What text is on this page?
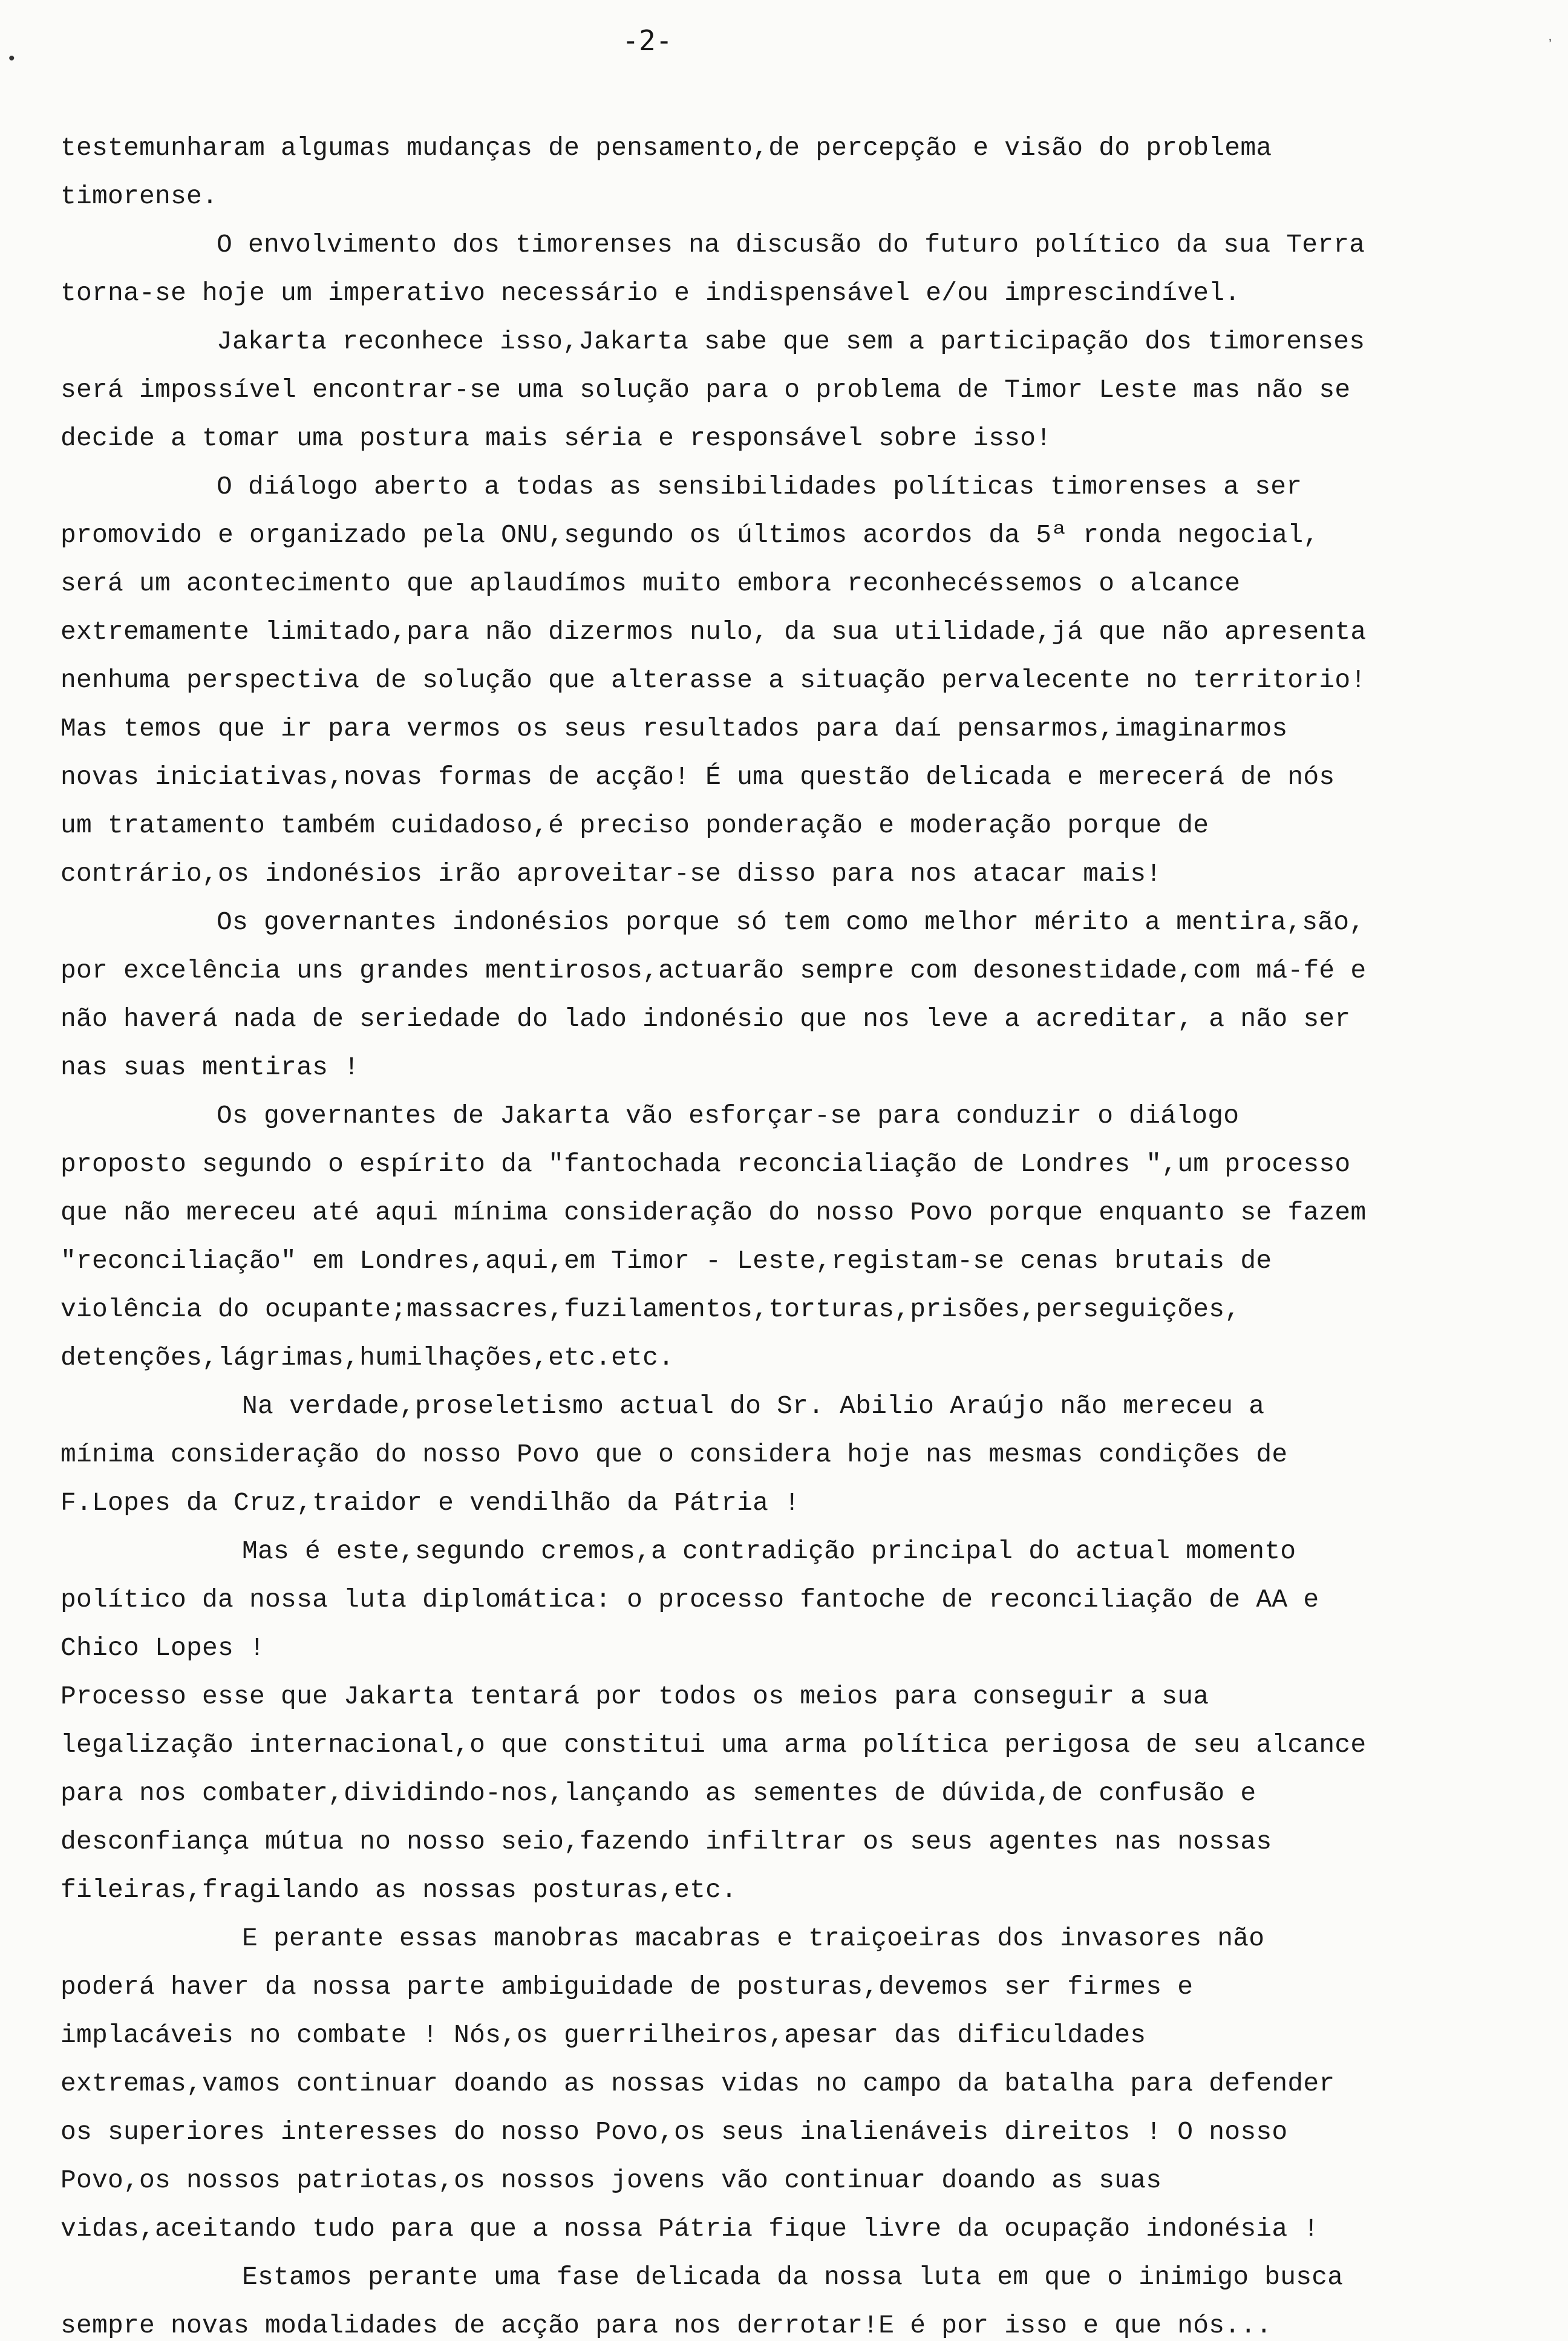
-2-

testemunharam algumas mudanças de pensamento,de percepção e visão do problema timorense.

O envolvimento dos timorenses na discusão do futuro político da sua Terra torna-se hoje um imperativo necessário e indispensável e/ou imprescindível.

Jakarta reconhece isso,Jakarta sabe que sem a participação dos timorenses será impossível encontrar-se uma solução para o problema de Timor Leste mas não se decide a tomar uma postura mais séria e responsável sobre isso!

O diálogo aberto a todas as sensibilidades políticas timorenses a ser promovido e organizado pela ONU,segundo os últimos acordos da 5ª ronda negocial, será um acontecimento que aplaudímos muito embora reconhecéssemos o alcance extremamente limitado,para não dizermos nulo, da sua utilidade,já que não apresenta nenhuma perspectiva de solução que alterasse a situação pervalecente no territorio! Mas temos que ir para vermos os seus resultados para daí pensarmos,imaginarmos novas iniciativas,novas formas de acção! É uma questão delicada e merecerá de nós um tratamento também cuidadoso,é preciso ponderação e moderação porque de contrário,os indonésios irão aproveitar-se disso para nos atacar mais!

Os governantes indonésios porque só tem como melhor mérito a mentira,são, por excelência uns grandes mentirosos,actuarão sempre com desonestidade,com má-fé e não haverá nada de seriedade do lado indonésio que nos leve a acreditar, a não ser nas suas mentiras !

Os governantes de Jakarta vão esforçar-se para conduzir o diálogo proposto segundo o espírito da "fantochada reconcialiação de Londres ",um processo que não mereceu até aqui mínima consideração do nosso Povo porque enquanto se fazem "reconciliação" em Londres,aqui,em Timor - Leste,registam-se cenas brutais de violência do ocupante;massacres,fuzilamentos,torturas,prisões,perseguições, detenções,lágrimas,humilhações,etc.etc.

Na verdade,proseletismo actual do Sr. Abilio Araújo não mereceu a mínima consideração do nosso Povo que o considera hoje nas mesmas condições de F.Lopes da Cruz,traidor e vendilhão da Pátria !

Mas é este,segundo cremos,a contradição principal do actual momento político da nossa luta diplomática: o processo fantoche de reconciliação de AA e Chico Lopes !

Processo esse que Jakarta tentará por todos os meios para conseguir a sua legalização internacional,o que constitui uma arma política perigosa de seu alcance para nos combater,dividindo-nos,lançando as sementes de dúvida,de confusão e desconfiança mútua no nosso seio,fazendo infiltrar os seus agentes nas nossas fileiras,fragilando as nossas posturas,etc.

E perante essas manobras macabras e traiçoeiras dos invasores não poderá haver da nossa parte ambiguidade de posturas,devemos ser firmes e implacáveis no combate ! Nós,os guerrilheiros,apesar das dificuldades extremas,vamos continuar doando as nossas vidas no campo da batalha para defender os superiores interesses do nosso Povo,os seus inalienáveis direitos ! O nosso Povo,os nossos patriotas,os nossos jovens vão continuar doando as suas vidas,aceitando tudo para que a nossa Pátria fique livre da ocupação indonésia !

Estamos perante uma fase delicada da nossa luta em que o inimigo busca sempre novas modalidades de acção para nos derrotar!E é por isso e que nós...

•
’
